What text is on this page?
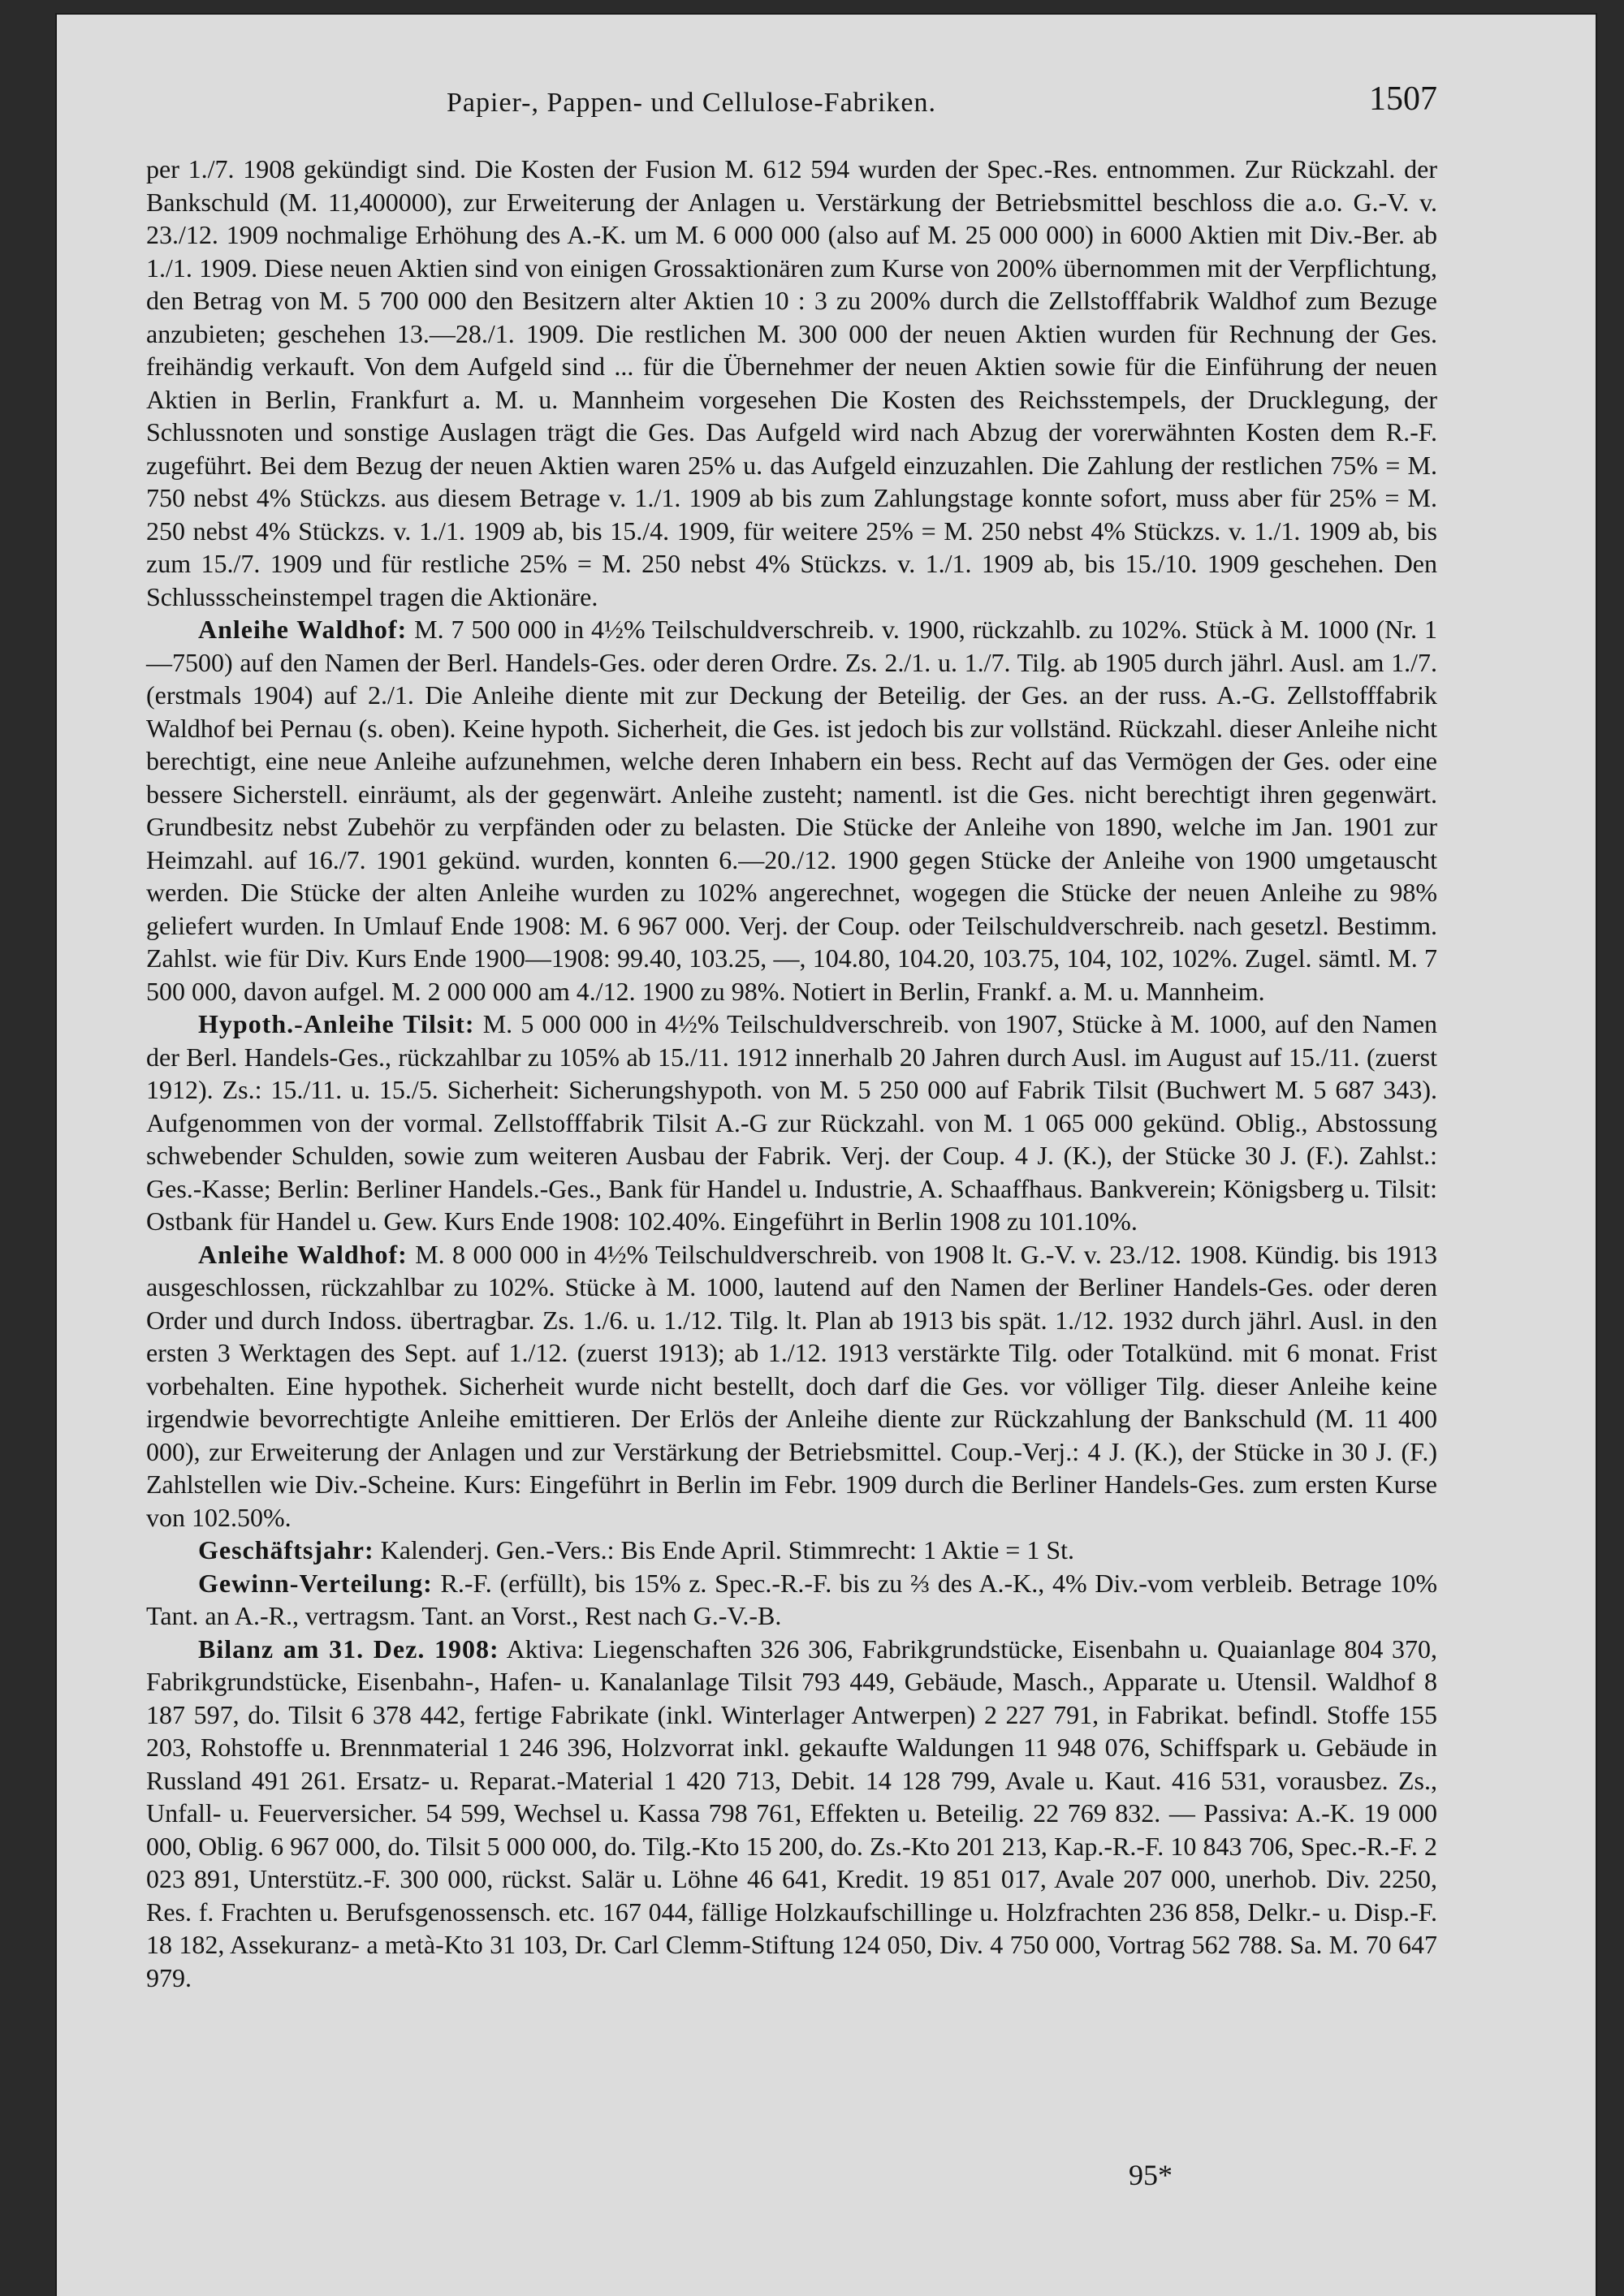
Papier-, Pappen- und Cellulose-Fabriken.	1507

per 1./7. 1908 gekündigt sind. Die Kosten der Fusion M. 612 594 wurden der Spec.-Res. entnommen. Zur Rückzahl. der Bankschuld (M. 11,400000), zur Erweiterung der Anlagen u. Verstärkung der Betriebsmittel beschloss die a.o. G.-V. v. 23./12. 1909 nochmalige Erhöhung des A.-K. um M. 6 000 000 (also auf M. 25 000 000) in 6000 Aktien mit Div.-Ber. ab 1./1. 1909. Diese neuen Aktien sind von einigen Grossaktionären zum Kurse von 200% übernommen mit der Verpflichtung, den Betrag von M. 5 700 000 den Besitzern alter Aktien 10 : 3 zu 200% durch die Zellstofffabrik Waldhof zum Bezuge anzubieten; geschehen 13.—28./1. 1909. Die restlichen M. 300 000 der neuen Aktien wurden für Rechnung der Ges. freihändig verkauft. Von dem Aufgeld sind ... für die Übernehmer der neuen Aktien sowie für die Einführung der neuen Aktien in Berlin, Frankfurt a. M. u. Mannheim vorgesehen Die Kosten des Reichsstempels, der Drucklegung, der Schlussnoten und sonstige Auslagen trägt die Ges. Das Aufgeld wird nach Abzug der vorerwähnten Kosten dem R.-F. zugeführt. Bei dem Bezug der neuen Aktien waren 25% u. das Aufgeld einzuzahlen. Die Zahlung der restlichen 75% = M. 750 nebst 4% Stückzs. aus diesem Betrage v. 1./1. 1909 ab bis zum Zahlungstage konnte sofort, muss aber für 25% = M. 250 nebst 4% Stückzs. v. 1./1. 1909 ab, bis 15./4. 1909, für weitere 25% = M. 250 nebst 4% Stückzs. v. 1./1. 1909 ab, bis zum 15./7. 1909 und für restliche 25% = M. 250 nebst 4% Stückzs. v. 1./1. 1909 ab, bis 15./10. 1909 geschehen. Den Schlussscheinstempel tragen die Aktionäre.

Anleihe Waldhof: M. 7 500 000 in 4½% Teilschuldverschreib. v. 1900, rückzahlb. zu 102%. Stück à M. 1000 (Nr. 1—7500) auf den Namen der Berl. Handels-Ges. oder deren Ordre. Zs. 2./1. u. 1./7. Tilg. ab 1905 durch jährl. Ausl. am 1./7. (erstmals 1904) auf 2./1. Die Anleihe diente mit zur Deckung der Beteilig. der Ges. an der russ. A.-G. Zellstofffabrik Waldhof bei Pernau (s. oben). Keine hypoth. Sicherheit, die Ges. ist jedoch bis zur vollständ. Rückzahl. dieser Anleihe nicht berechtigt, eine neue Anleihe aufzunehmen, welche deren Inhabern ein bess. Recht auf das Vermögen der Ges. oder eine bessere Sicherstell. einräumt, als der gegenwärt. Anleihe zusteht; namentl. ist die Ges. nicht berechtigt ihren gegenwärt. Grundbesitz nebst Zubehör zu verpfänden oder zu belasten. Die Stücke der Anleihe von 1890, welche im Jan. 1901 zur Heimzahl. auf 16./7. 1901 gekünd. wurden, konnten 6.—20./12. 1900 gegen Stücke der Anleihe von 1900 umgetauscht werden. Die Stücke der alten Anleihe wurden zu 102% angerechnet, wogegen die Stücke der neuen Anleihe zu 98% geliefert wurden. In Umlauf Ende 1908: M. 6 967 000. Verj. der Coup. oder Teilschuldverschreib. nach gesetzl. Bestimm. Zahlst. wie für Div. Kurs Ende 1900—1908: 99.40, 103.25, —, 104.80, 104.20, 103.75, 104, 102, 102%. Zugel. sämtl. M. 7 500 000, davon aufgel. M. 2 000 000 am 4./12. 1900 zu 98%. Notiert in Berlin, Frankf. a. M. u. Mannheim.

Hypoth.-Anleihe Tilsit: M. 5 000 000 in 4½% Teilschuldverschreib. von 1907, Stücke à M. 1000, auf den Namen der Berl. Handels-Ges., rückzahlbar zu 105% ab 15./11. 1912 innerhalb 20 Jahren durch Ausl. im August auf 15./11. (zuerst 1912). Zs.: 15./11. u. 15./5. Sicherheit: Sicherungshypoth. von M. 5 250 000 auf Fabrik Tilsit (Buchwert M. 5 687 343). Aufgenommen von der vormal. Zellstofffabrik Tilsit A.-G zur Rückzahl. von M. 1 065 000 gekünd. Oblig., Abstossung schwebender Schulden, sowie zum weiteren Ausbau der Fabrik. Verj. der Coup. 4 J. (K.), der Stücke 30 J. (F.). Zahlst.: Ges.-Kasse; Berlin: Berliner Handels.-Ges., Bank für Handel u. Industrie, A. Schaaffhaus. Bankverein; Königsberg u. Tilsit: Ostbank für Handel u. Gew. Kurs Ende 1908: 102.40%. Eingeführt in Berlin 1908 zu 101.10%.

Anleihe Waldhof: M. 8 000 000 in 4½% Teilschuldverschreib. von 1908 lt. G.-V. v. 23./12. 1908. Kündig. bis 1913 ausgeschlossen, rückzahlbar zu 102%. Stücke à M. 1000, lautend auf den Namen der Berliner Handels-Ges. oder deren Order und durch Indoss. übertragbar. Zs. 1./6. u. 1./12. Tilg. lt. Plan ab 1913 bis spät. 1./12. 1932 durch jährl. Ausl. in den ersten 3 Werktagen des Sept. auf 1./12. (zuerst 1913); ab 1./12. 1913 verstärkte Tilg. oder Totalkünd. mit 6 monat. Frist vorbehalten. Eine hypothek. Sicherheit wurde nicht bestellt, doch darf die Ges. vor völliger Tilg. dieser Anleihe keine irgendwie bevorrechtigte Anleihe emittieren. Der Erlös der Anleihe diente zur Rückzahlung der Bankschuld (M. 11 400 000), zur Erweiterung der Anlagen und zur Verstärkung der Betriebsmittel. Coup.-Verj.: 4 J. (K.), der Stücke in 30 J. (F.) Zahlstellen wie Div.-Scheine. Kurs: Eingeführt in Berlin im Febr. 1909 durch die Berliner Handels-Ges. zum ersten Kurse von 102.50%.

Geschäftsjahr: Kalenderj. Gen.-Vers.: Bis Ende April. Stimmrecht: 1 Aktie = 1 St.

Gewinn-Verteilung: R.-F. (erfüllt), bis 15% z. Spec.-R.-F. bis zu ⅔ des A.-K., 4% Div.-vom verbleib. Betrage 10% Tant. an A.-R., vertragsm. Tant. an Vorst., Rest nach G.-V.-B.

Bilanz am 31. Dez. 1908: Aktiva: Liegenschaften 326 306, Fabrikgrundstücke, Eisenbahn u. Quaianlage 804 370, Fabrikgrundstücke, Eisenbahn-, Hafen- u. Kanalanlage Tilsit 793 449, Gebäude, Masch., Apparate u. Utensil. Waldhof 8 187 597, do. Tilsit 6 378 442, fertige Fabrikate (inkl. Winterlager Antwerpen) 2 227 791, in Fabrikat. befindl. Stoffe 155 203, Rohstoffe u. Brennmaterial 1 246 396, Holzvorrat inkl. gekaufte Waldungen 11 948 076, Schiffspark u. Gebäude in Russland 491 261. Ersatz- u. Reparat.-Material 1 420 713, Debit. 14 128 799, Avale u. Kaut. 416 531, vorausbez. Zs., Unfall- u. Feuerversicher. 54 599, Wechsel u. Kassa 798 761, Effekten u. Beteilig. 22 769 832. — Passiva: A.-K. 19 000 000, Oblig. 6 967 000, do. Tilsit 5 000 000, do. Tilg.-Kto 15 200, do. Zs.-Kto 201 213, Kap.-R.-F. 10 843 706, Spec.-R.-F. 2 023 891, Unterstütz.-F. 300 000, rückst. Salär u. Löhne 46 641, Kredit. 19 851 017, Avale 207 000, unerhob. Div. 2250, Res. f. Frachten u. Berufsgenossensch. etc. 167 044, fällige Holzkaufschillinge u. Holzfrachten 236 858, Delkr.- u. Disp.-F. 18 182, Assekuranz- a metà-Kto 31 103, Dr. Carl Clemm-Stiftung 124 050, Div. 4 750 000, Vortrag 562 788. Sa. M. 70 647 979.

95*
